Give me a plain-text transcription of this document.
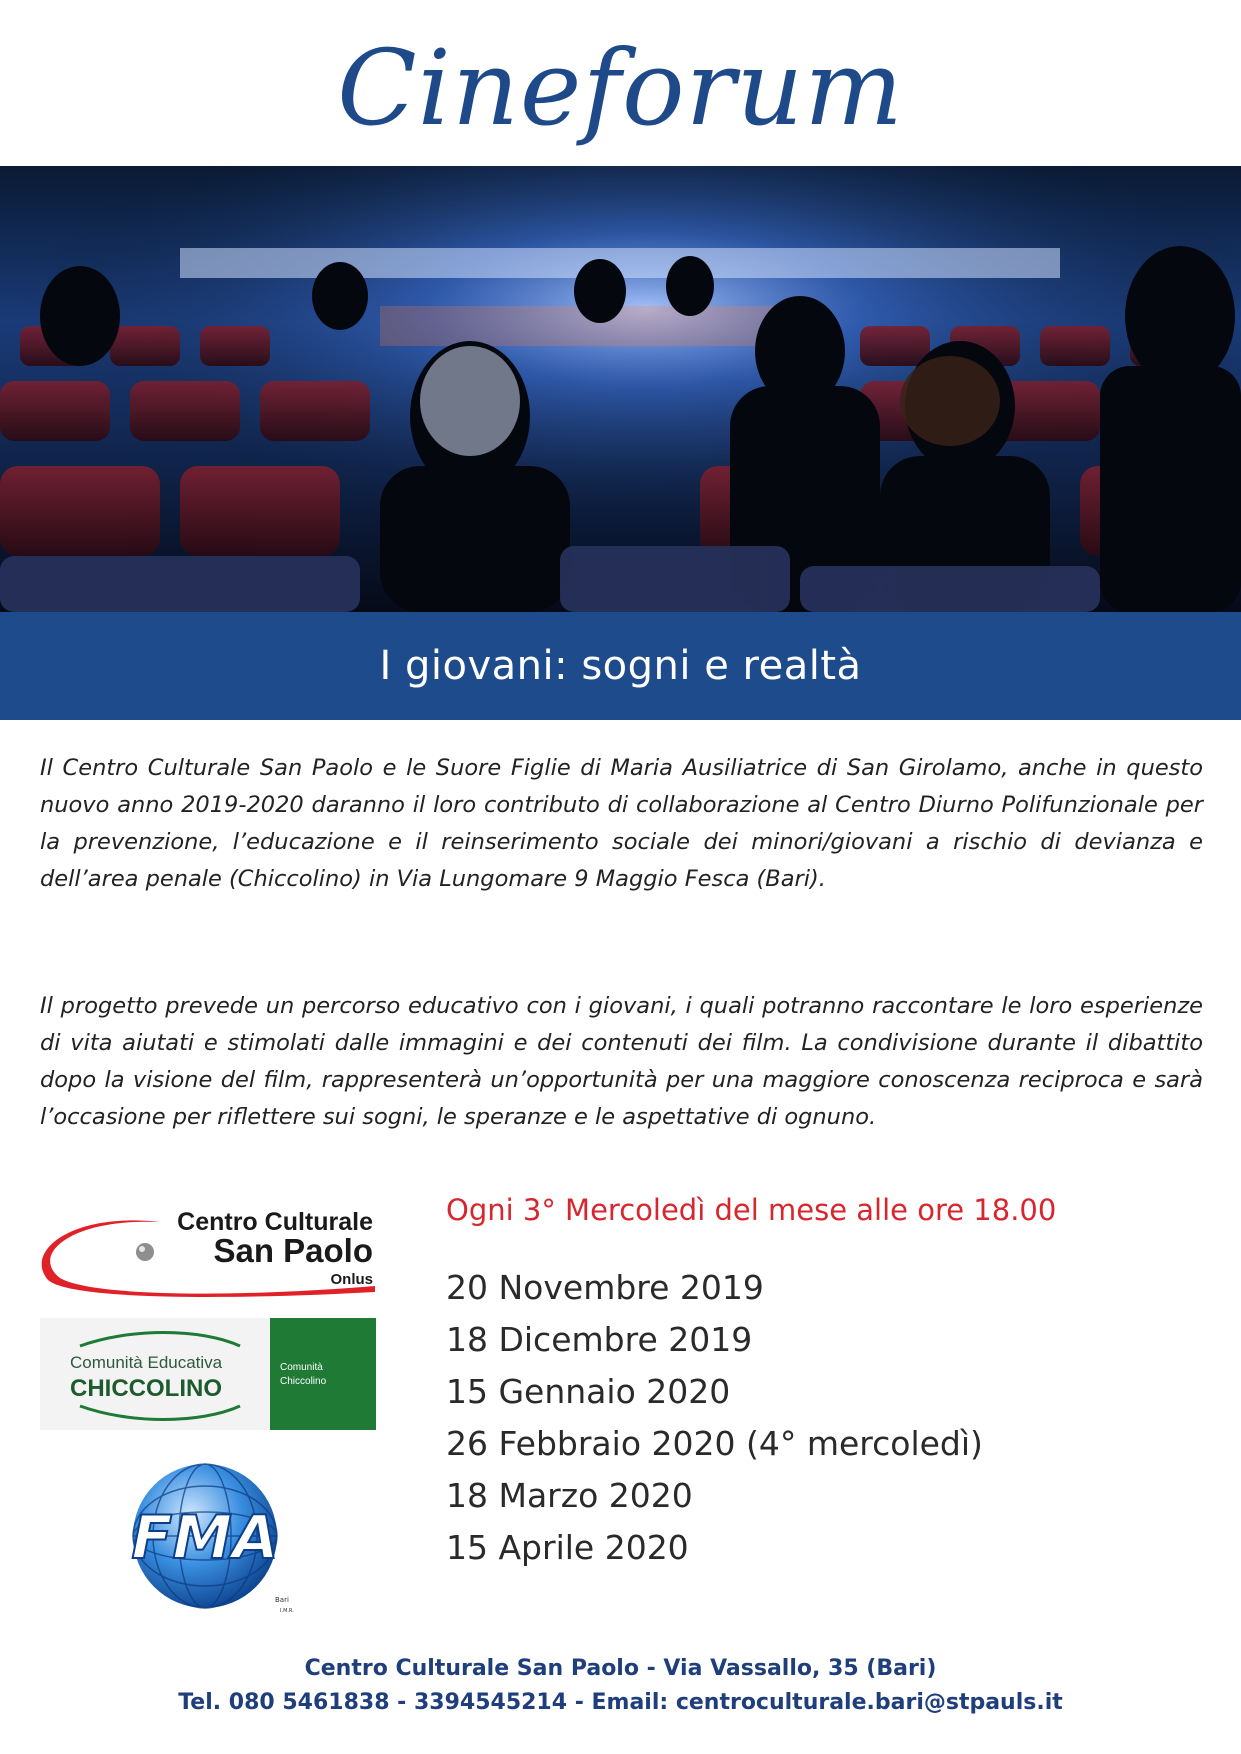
Cineforum
I giovani: sogni e realtà

Il Centro Culturale San Paolo e le Suore Figlie di Maria Ausiliatrice di San Girolamo, anche in questo nuovo anno 2019-2020 daranno il loro contributo di collaborazione al Centro Diurno Polifunzionale per la prevenzione, l’educazione e il reinserimento sociale dei minori/giovani a rischio di devianza e dell’area penale (Chiccolino) in Via Lungomare 9 Maggio Fesca (Bari).

Il progetto prevede un percorso educativo con i giovani, i quali potranno raccontare le loro esperienze di vita aiutati e stimolati dalle immagini e dei contenuti dei film. La condivisione durante il dibattito dopo la visione del film, rappresenterà un’opportunità per una maggiore conoscenza reciproca e sarà l’occasione per riflettere sui sogni, le speranze e le aspettative di ognuno.

Ogni 3° Mercoledì del mese alle ore 18.00
20 Novembre 2019
18 Dicembre 2019
15 Gennaio 2020
26 Febbraio 2020 (4° mercoledì)
18 Marzo 2020
15 Aprile 2020
Centro Culturale
San Paolo
Onlus
Comunità Educativa
CHICCOLINO
Comunità
Chiccolino
FMA
Bari
I.M.R.
Centro Culturale San Paolo - Via Vassallo, 35 (Bari)
Tel. 080 5461838 - 3394545214 - Email: centroculturale.bari@stpauls.it
